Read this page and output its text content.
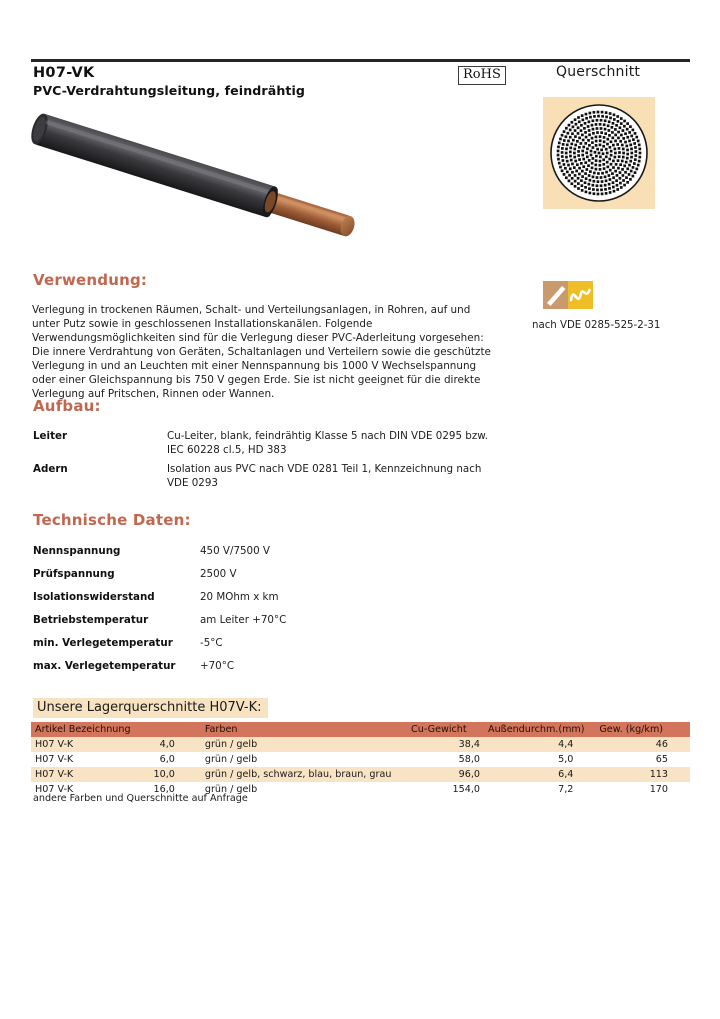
H07-VK
PVC-Verdrahtungsleitung, feindrähtig
RoHS	Querschnitt
Verwendung:
Verlegung in trockenen Räumen, Schalt- und Verteilungsanlagen, in Rohren, auf und unter Putz sowie in geschlossenen Installationskanälen. Folgende Verwendungsmöglichkeiten sind für die Verlegung dieser PVC-Aderleitung vorgesehen: Die innere Verdrahtung von Geräten, Schaltanlagen und Verteilern sowie die geschützte Verlegung in und an Leuchten mit einer Nennspannung bis 1000 V Wechselspannung oder einer Gleichspannung bis 750 V gegen Erde. Sie ist nicht geeignet für die direkte Verlegung auf Pritschen, Rinnen oder Wannen.
nach VDE 0285-525-2-31
Aufbau:
Leiter	Cu-Leiter, blank, feindrähtig Klasse 5 nach DIN VDE 0295 bzw. IEC 60228 cl.5, HD 383
Adern	Isolation aus PVC nach VDE 0281 Teil 1, Kennzeichnung nach VDE 0293
Technische Daten:
Nennspannung	450 V/7500 V
Prüfspannung	2500 V
Isolationswiderstand	20 MOhm x km
Betriebstemperatur	am Leiter +70°C
min. Verlegetemperatur	-5°C
max. Verlegetemperatur +70°C
Unsere Lagerquerschnitte H07V-K:
Artikel Bezeichnung		Farben	Cu-Gewicht	Außendurchm.(mm)	Gew. (kg/km)
H07 V-K	4,0	grün / gelb	38,4	4,4	46
H07 V-K	6,0	grün / gelb	58,0	5,0	65
H07 V-K	10,0	grün / gelb, schwarz, blau, braun, grau	96,0	6,4	113
H07 V-K	16,0	grün / gelb	154,0	7,2	170
andere Farben und Querschnitte auf Anfrage
